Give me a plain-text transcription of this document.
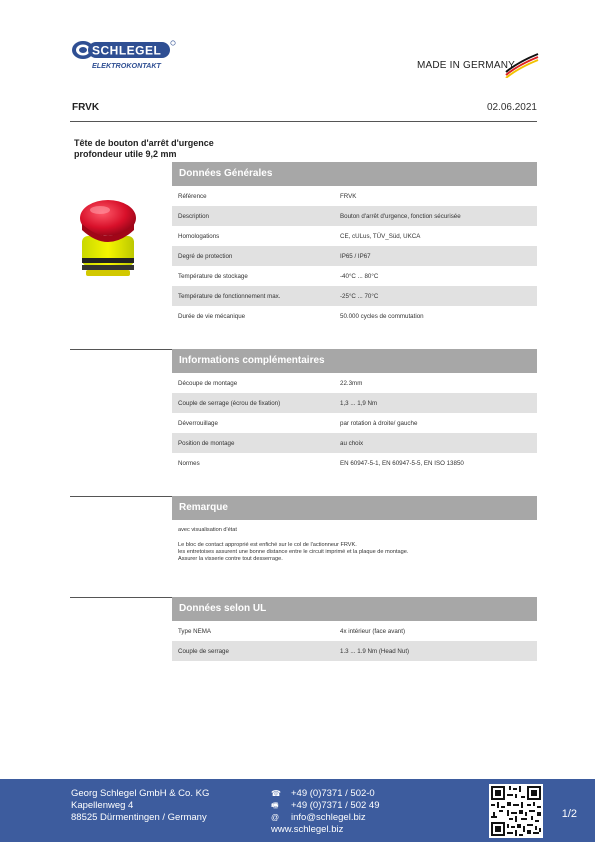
SCHLEGEL
ELEKTROKONTAKT	MADE IN GERMANY
FRVK	02.06.2021
Tête de bouton d'arrêt d'urgence
profondeur utile 9,2 mm
Données Générales
Référence	FRVK
Description	Bouton d'arrêt d'urgence, fonction sécurisée
Homologations	CE, cULus, TÜV_Süd, UKCA
Degré de protection	IP65 / IP67
Température de stockage	-40°C ... 80°C
Température de fonctionnement max.	-25°C ... 70°C
Durée de vie mécanique	50.000 cycles de commutation
Informations complémentaires
Découpe de montage	22.3mm
Couple de serrage (écrou de fixation)	1,3 ... 1,9 Nm
Déverrouillage	par rotation à droite/ gauche
Position de montage	au choix
Normes	EN 60947-5-1, EN 60947-5-5, EN ISO 13850
Remarque
avec visualisation d'état
Le bloc de contact approprié est enfiché sur le col de l'actionneur FRVK.
les entretoises assurent une bonne distance entre le circuit imprimé et la plaque de montage.
Assurer la visserie contre tout desserrage.
Données selon UL
Type NEMA	4x intérieur (face avant)
Couple de serrage	1.3 ... 1.9 Nm (Head Nut)
Georg Schlegel GmbH & Co. KG
Kapellenweg 4
88525 Dürmentingen / Germany
☎	+49 (0)7371 / 502-0
🖷	+49 (0)7371 / 502 49
@	info@schlegel.biz
www.schlegel.biz
1/2
